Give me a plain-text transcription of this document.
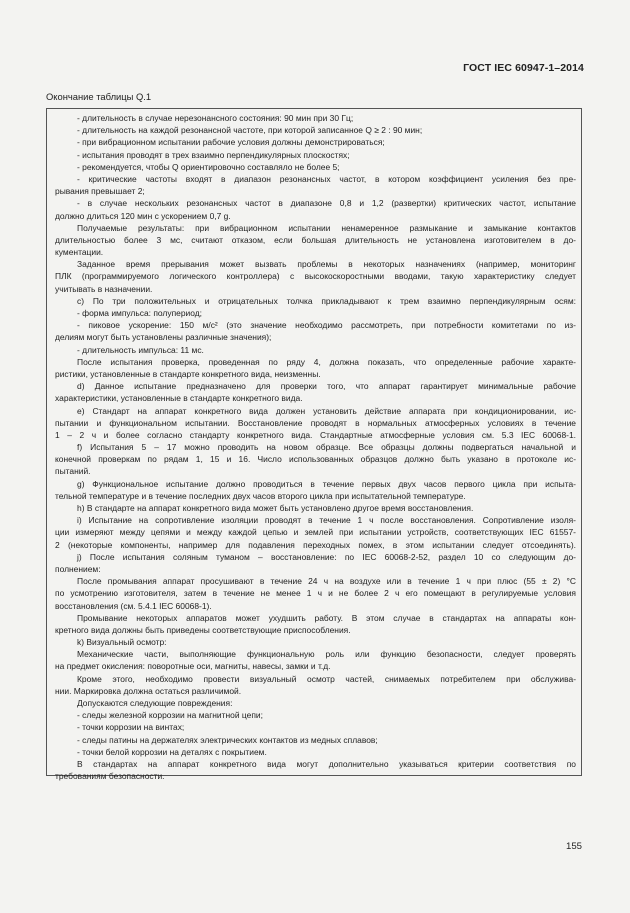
ГОСТ IEC 60947-1–2014
Окончание таблицы Q.1
- длительность в случае нерезонансного состояния: 90 мин при 30 Гц;
- длительность на каждой резонансной частоте, при которой записанное Q ≥ 2 : 90 мин;
- при вибрационном испытании рабочие условия должны демонстрироваться;
- испытания проводят в трех взаимно перпендикулярных плоскостях;
- рекомендуется, чтобы Q ориентировочно составляло не более 5;
- критические частоты входят в диапазон резонансных частот, в котором коэффициент усиления без пре-
рывания превышает 2;
- в случае нескольких резонансных частот в диапазоне 0,8 и 1,2 (развертки) критических частот, испытание
должно длиться 120 мин с ускорением 0,7 g.
Получаемые результаты: при вибрационном испытании ненамеренное размыкание и замыкание контактов
длительностью более 3 мс, считают отказом, если большая длительность не установлена изготовителем в до-
кументации.
Заданное время прерывания может вызвать проблемы в некоторых назначениях (например, мониторинг
ПЛК (программируемого логического контроллера) с высокоскоростными вводами, такую характеристику следует
учитывать в назначении.
c) По три положительных и отрицательных толчка прикладывают к трем взаимно перпендикулярным осям:
- форма импульса: полупериод;
- пиковое ускорение: 150 м/с² (это значение необходимо рассмотреть, при потребности комитетами по из-
делиям могут быть установлены различные значения);
- длительность импульса: 11 мс.
После испытания проверка, проведенная по ряду 4, должна показать, что определенные рабочие характе-
ристики, установленные в стандарте конкретного вида, неизменны.
d) Данное испытание предназначено для проверки того, что аппарат гарантирует минимальные рабочие
характеристики, установленные в стандарте конкретного вида.
e) Стандарт на аппарат конкретного вида должен установить действие аппарата при кондиционировании, ис-
пытании и функциональном испытании. Восстановление проводят в нормальных атмосферных условиях в течение
1 – 2 ч и более согласно стандарту конкретного вида. Стандартные атмосферные условия см. 5.3 IEC 60068-1.
f) Испытания 5 – 17 можно проводить на новом образце. Все образцы должны подвергаться начальной и
конечной проверкам по рядам 1, 15 и 16. Число использованных образцов должно быть указано в протоколе ис-
пытаний.
g) Функциональное испытание должно проводиться в течение первых двух часов первого цикла при испыта-
тельной температуре и в течение последних двух часов второго цикла при испытательной температуре.
h) В стандарте на аппарат конкретного вида может быть установлено другое время восстановления.
i) Испытание на сопротивление изоляции проводят в течение 1 ч после восстановления. Сопротивление изоля-
ции измеряют между цепями и между каждой цепью и землей при испытании устройств, соответствующих IEC 61557-
2 (некоторые компоненты, например для подавления переходных помех, в этом испытании следует отсоединять).
j) После испытания соляным туманом – восстановление: по IEC 60068-2-52, раздел 10 со следующим до-
полнением:
После промывания аппарат просушивают в течение 24 ч на воздухе или в течение 1 ч при плюс (55 ± 2) °C
по усмотрению изготовителя, затем в течение не менее 1 ч и не более 2 ч его помещают в регулируемые условия
восстановления (см. 5.4.1 IEC 60068-1).
Промывание некоторых аппаратов может ухудшить работу. В этом случае в стандартах на аппараты кон-
кретного вида должны быть приведены соответствующие приспособления.
k) Визуальный осмотр:
Механические части, выполняющие функциональную роль или функцию безопасности, следует проверять
на предмет окисления: поворотные оси, магниты, навесы, замки и т.д.
Кроме этого, необходимо провести визуальный осмотр частей, снимаемых потребителем при обслужива-
нии. Маркировка должна остаться различимой.
Допускаются следующие повреждения:
- следы железной коррозии на магнитной цепи;
- точки коррозии на винтах;
- следы патины на держателях электрических контактов из медных сплавов;
- точки белой коррозии на деталях с покрытием.
В стандартах на аппарат конкретного вида могут дополнительно указываться критерии соответствия по
требованиям безопасности.
155
